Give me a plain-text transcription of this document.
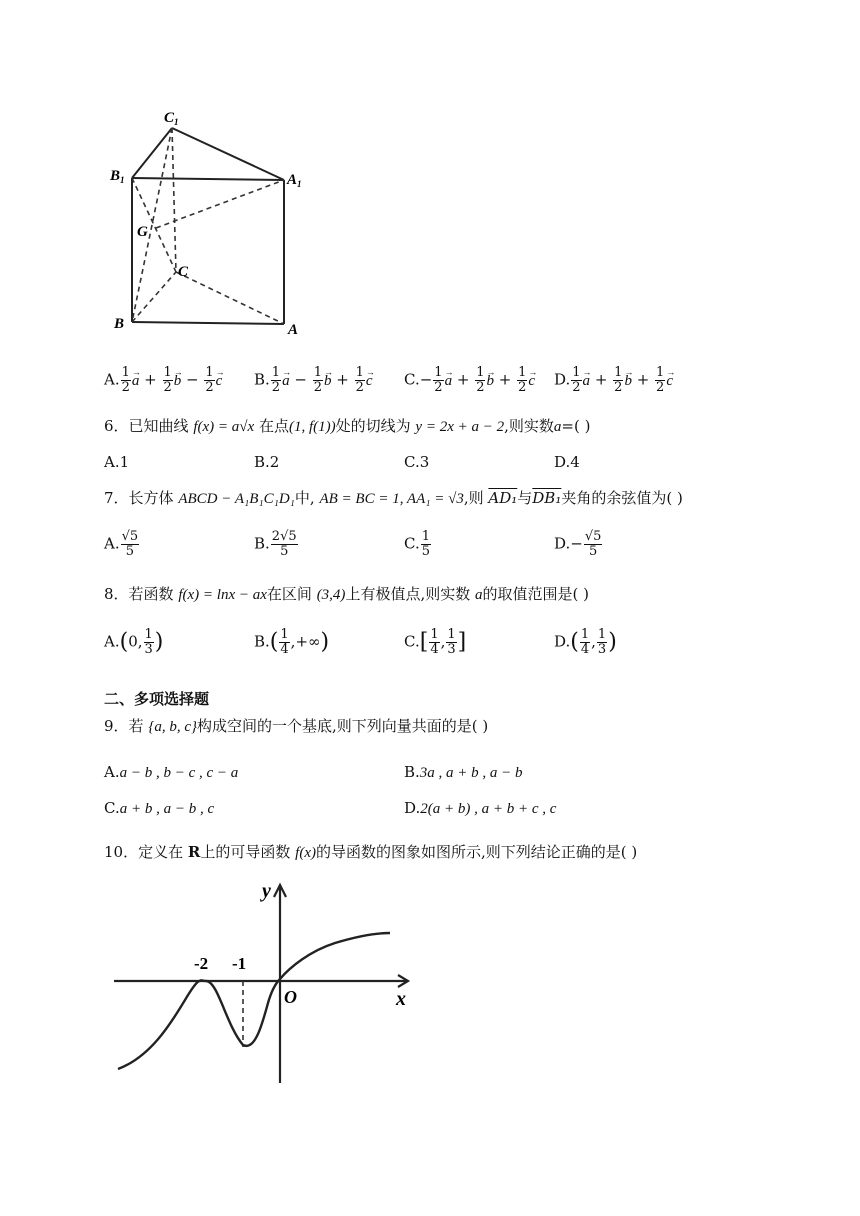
$C_1$
$B_1$	$A_1$
G
C
B	A
A. $\frac{1}{2} \to a + \frac{1}{2} \to b - \frac{1}{2} \to c$ B. $\frac{1}{2} \to a - \frac{1}{2} \to b + \frac{1}{2} \to c$ $C.- \frac{1}{2} \to a + \frac{1}{2} \to b + \frac{1}{2} \to c$ D. $\frac{1}{2} \to a + \frac{1}{2} \to b + \frac{1}{2} \to c$
6．已知曲线 f(x) = a√x 在点(1, f(1))处的切线为 y = 2x + a − 2,则实数a=( )
A.1	B.2	C.3	D.4
7．长方体 ABCD − A₁B₁C₁D₁中, AB = BC = 1, AA₁ = √3,则 AD₁与DB₁夹角的余弦值为( )
A. $\frac{√5}{5}$	B. $\frac{2√5}{5}$	C. $\frac{1}{5}$	$D.- \frac{√5}{5}$
8．若函数 f(x) = lnx − ax在区间 (3,4)上有极值点,则实数 a的取值范围是( )
A.(0, $\frac{1}{3}$ )	$B.( \frac{1}{4}$ ,+∞)	$C.[ \frac{1}{4}$ , $\frac{1}{3}$ ]	$D.( \frac{1}{4}$ , $\frac{1}{3}$ )
二、多项选择题
9．若 {a, b, c}构成空间的一个基底,则下列向量共面的是( )
A.a − b , b − c , c − a	B.3a , a + b , a − b
C.a + b , a − b , c	D.2(a + b) , a + b + c , c
10．定义在 R上的可导函数 f(x)的导函数的图象如图所示,则下列结论正确的是( )
y
x
O
-2 -1
